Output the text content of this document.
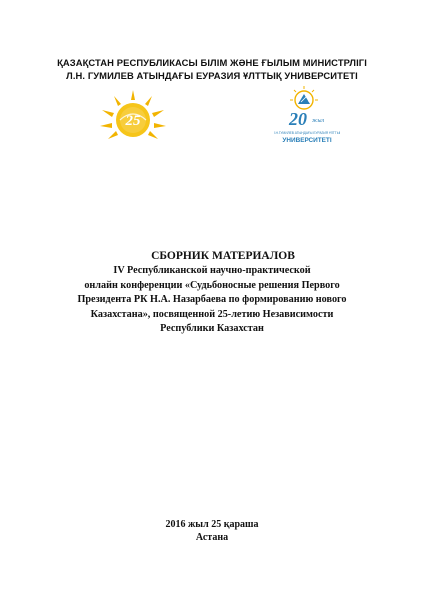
ҚАЗАҚСТАН РЕСПУБЛИКАСЫ БІЛІМ ЖӘНЕ ҒЫЛЫМ МИНИСТРЛІГІ
Л.Н. ГУМИЛЕВ АТЫНДАҒЫ ЕУРАЗИЯ ҰЛТТЫҚ УНИВЕРСИТЕТІ
25	20 жыл
Л.Н.ГУМИЛЕВ АТЫНДАҒЫ ЕУРАЗИЯ ҰЛТТЫҚ
УНИВЕРСИТЕТІ
СБОРНИК МАТЕРИАЛОВ
IV Республиканской научно-практической
онлайн конференции «Судьбоносные решения Первого
Президента РК Н.А. Назарбаева по формированию нового
Казахстана», посвященной 25-летию Независимости
Республики Казахстан
2016 жыл 25 қараша
Астана
